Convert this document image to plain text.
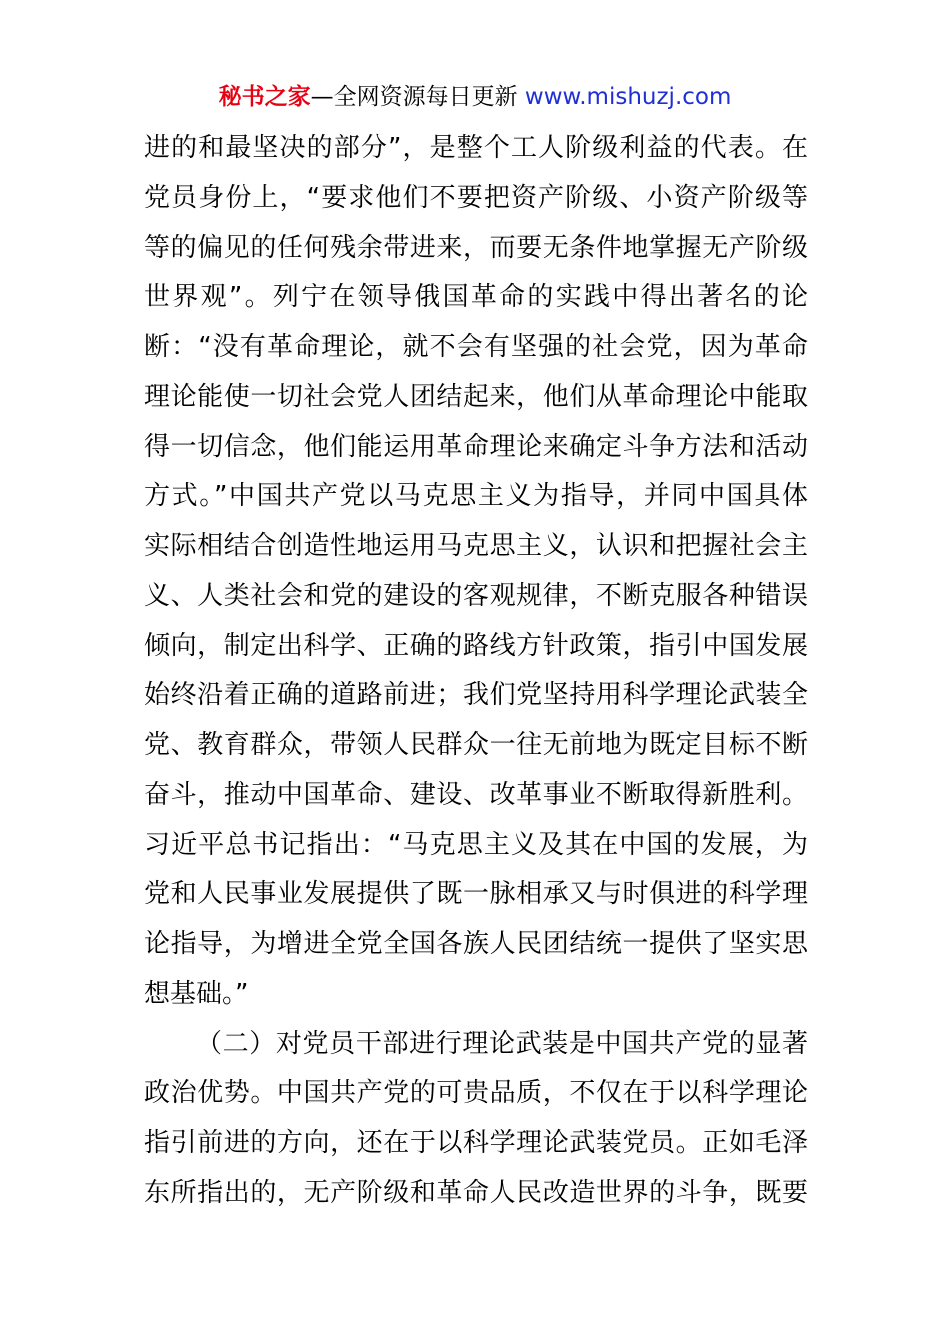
秘书之家—全网资源每日更新 www.mishuzj.com
进的和最坚决的部分”，是整个工人阶级利益的代表。在
党员身份上，“要求他们不要把资产阶级、小资产阶级等
等的偏见的任何残余带进来，而要无条件地掌握无产阶级
世界观”。列宁在领导俄国革命的实践中得出著名的论
断：“没有革命理论，就不会有坚强的社会党，因为革命
理论能使一切社会党人团结起来，他们从革命理论中能取
得一切信念，他们能运用革命理论来确定斗争方法和活动
方式。”中国共产党以马克思主义为指导，并同中国具体
实际相结合创造性地运用马克思主义，认识和把握社会主
义、人类社会和党的建设的客观规律，不断克服各种错误
倾向，制定出科学、正确的路线方针政策，指引中国发展
始终沿着正确的道路前进；我们党坚持用科学理论武装全
党、教育群众，带领人民群众一往无前地为既定目标不断
奋斗，推动中国革命、建设、改革事业不断取得新胜利。
习近平总书记指出：“马克思主义及其在中国的发展，为
党和人民事业发展提供了既一脉相承又与时俱进的科学理
论指导，为增进全党全国各族人民团结统一提供了坚实思
想基础。”
（二）对党员干部进行理论武装是中国共产党的显著
政治优势。中国共产党的可贵品质，不仅在于以科学理论
指引前进的方向，还在于以科学理论武装党员。正如毛泽
东所指出的，无产阶级和革命人民改造世界的斗争，既要
